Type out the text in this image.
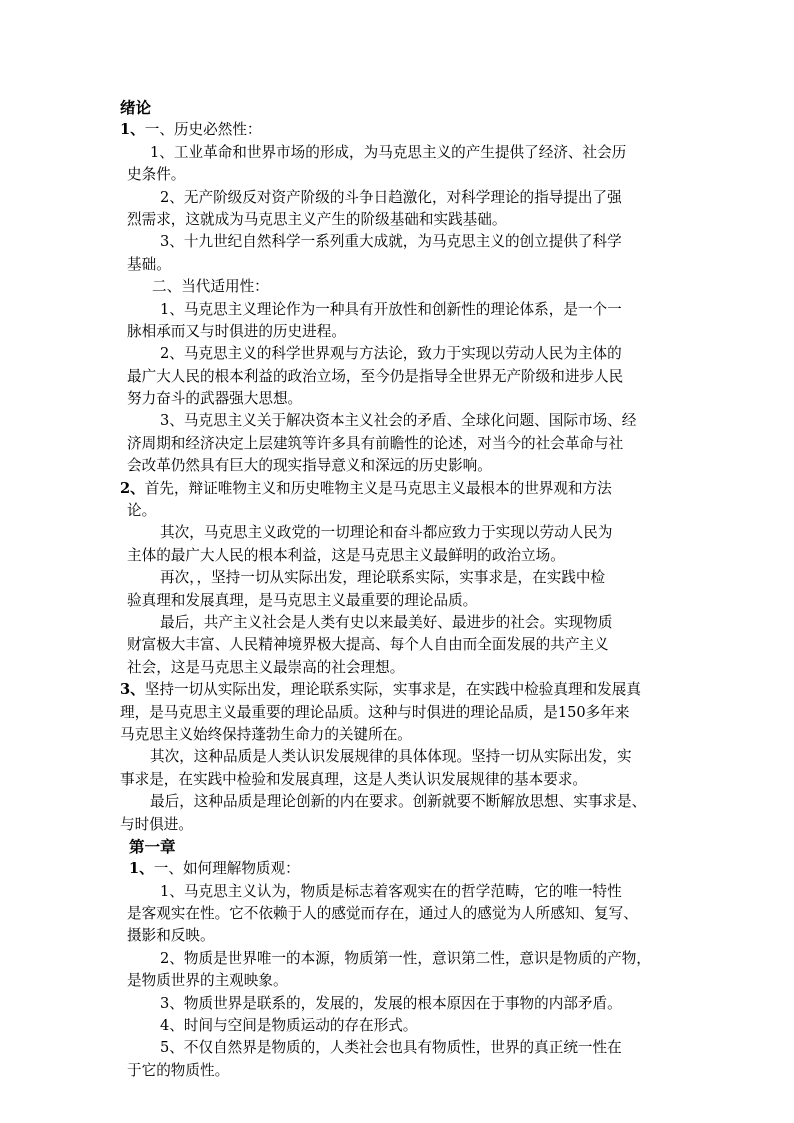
绪论
1、一、历史必然性：
1、工业革命和世界市场的形成，为马克思主义的产生提供了经济、社会历
史条件。
2、无产阶级反对资产阶级的斗争日趋激化，对科学理论的指导提出了强
烈需求，这就成为马克思主义产生的阶级基础和实践基础。
3、十九世纪自然科学一系列重大成就，为马克思主义的创立提供了科学
基础。
二、当代适用性：
1、马克思主义理论作为一种具有开放性和创新性的理论体系，是一个一
脉相承而又与时俱进的历史进程。
2、马克思主义的科学世界观与方法论，致力于实现以劳动人民为主体的
最广大人民的根本利益的政治立场，至今仍是指导全世界无产阶级和进步人民
努力奋斗的武器强大思想。
3、马克思主义关于解决资本主义社会的矛盾、全球化问题、国际市场、经
济周期和经济决定上层建筑等许多具有前瞻性的论述，对当今的社会革命与社
会改革仍然具有巨大的现实指导意义和深远的历史影响。
2、首先，辩证唯物主义和历史唯物主义是马克思主义最根本的世界观和方法
论。
其次，马克思主义政党的一切理论和奋斗都应致力于实现以劳动人民为
主体的最广大人民的根本利益，这是马克思主义最鲜明的政治立场。
再次，，坚持一切从实际出发，理论联系实际，实事求是，在实践中检
验真理和发展真理，是马克思主义最重要的理论品质。
最后，共产主义社会是人类有史以来最美好、最进步的社会。实现物质
财富极大丰富、人民精神境界极大提高、每个人自由而全面发展的共产主义
社会，这是马克思主义最崇高的社会理想。
3、坚持一切从实际出发，理论联系实际，实事求是，在实践中检验真理和发展真
理，是马克思主义最重要的理论品质。这种与时俱进的理论品质，是150多年来
马克思主义始终保持蓬勃生命力的关键所在。
其次，这种品质是人类认识发展规律的具体体现。坚持一切从实际出发，实
事求是，在实践中检验和发展真理，这是人类认识发展规律的基本要求。
最后，这种品质是理论创新的内在要求。创新就要不断解放思想、实事求是、
与时俱进。
第一章
1、一、如何理解物质观：
1、马克思主义认为，物质是标志着客观实在的哲学范畴，它的唯一特性
是客观实在性。它不依赖于人的感觉而存在，通过人的感觉为人所感知、复写、
摄影和反映。
2、物质是世界唯一的本源，物质第一性，意识第二性，意识是物质的产物，
是物质世界的主观映象。
3、物质世界是联系的，发展的，发展的根本原因在于事物的内部矛盾。
4、时间与空间是物质运动的存在形式。
5、不仅自然界是物质的，人类社会也具有物质性，世界的真正统一性在
于它的物质性。
